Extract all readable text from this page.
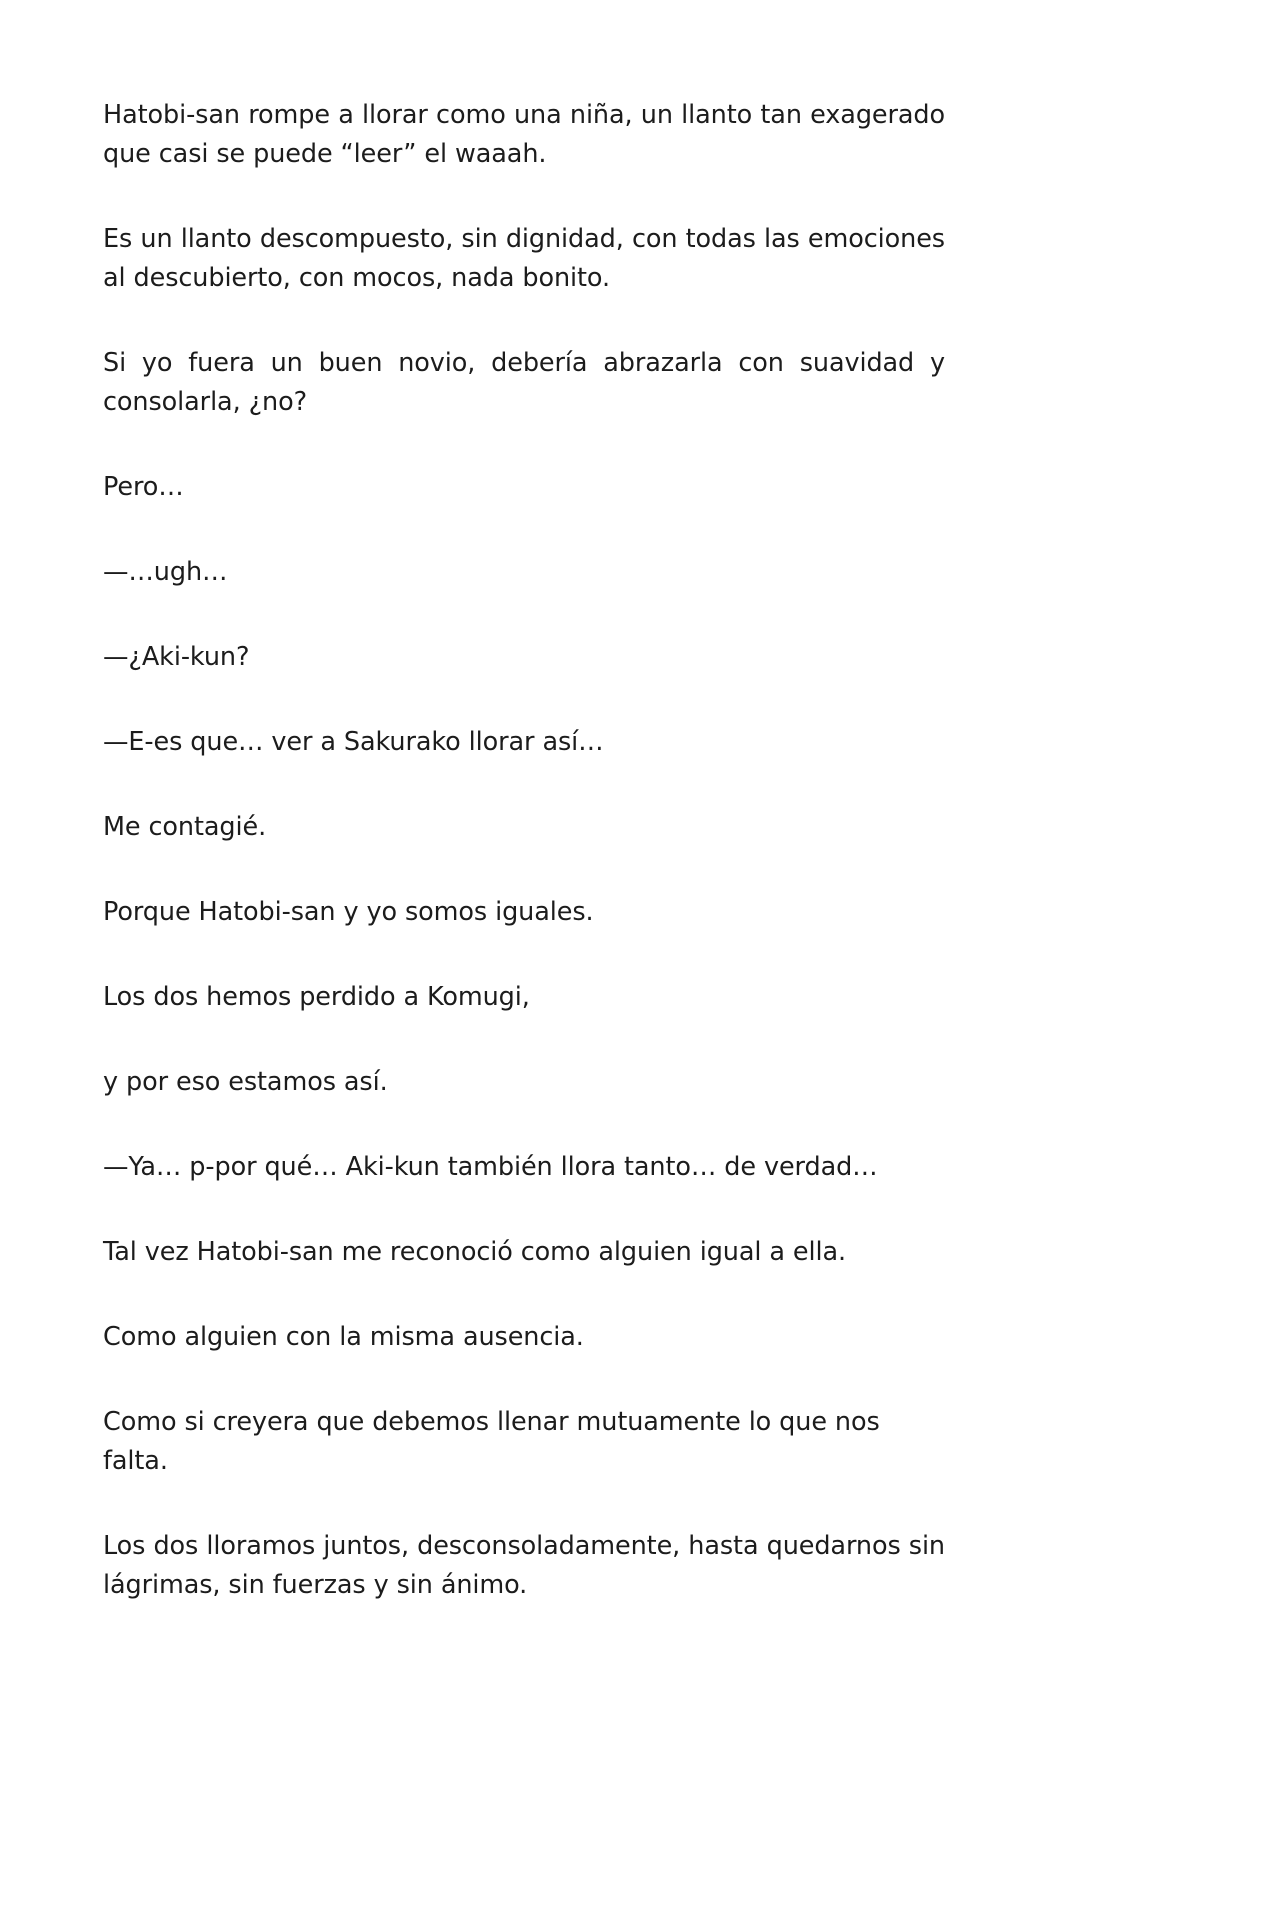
Hatobi-san rompe a llorar como una niña, un llanto tan exagerado que casi se puede “leer” el waaah.

Es un llanto descompuesto, sin dignidad, con todas las emociones al descubierto, con mocos, nada bonito.

Si yo fuera un buen novio, debería abrazarla con suavidad y consolarla, ¿no?

Pero…

—…ugh…

—¿Aki-kun?

—E-es que… ver a Sakurako llorar así…

Me contagié.

Porque Hatobi-san y yo somos iguales.

Los dos hemos perdido a Komugi,

y por eso estamos así.

—Ya… p-por qué… Aki-kun también llora tanto… de verdad…

Tal vez Hatobi-san me reconoció como alguien igual a ella.

Como alguien con la misma ausencia.

Como si creyera que debemos llenar mutuamente lo que nos falta.

Los dos lloramos juntos, desconsoladamente, hasta quedarnos sin lágrimas, sin fuerzas y sin ánimo.
